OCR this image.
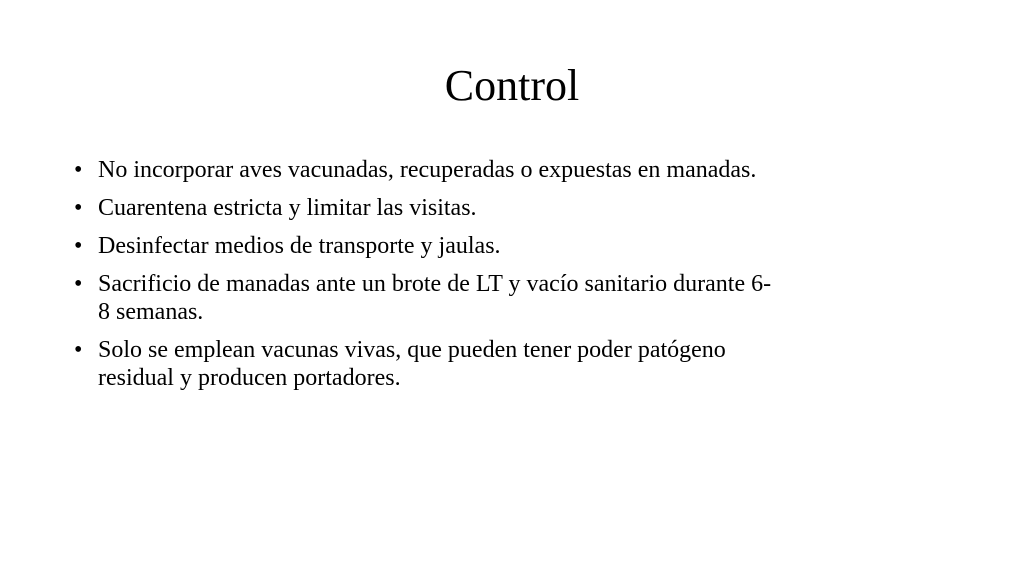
Control
• No incorporar aves vacunadas, recuperadas o expuestas en manadas.
• Cuarentena estricta y limitar las visitas.
• Desinfectar medios de transporte y jaulas.
• Sacrificio de manadas ante un brote de LT y vacío sanitario durante 6-
8 semanas.
• Solo se emplean vacunas vivas, que pueden tener poder patógeno
residual y producen portadores.
